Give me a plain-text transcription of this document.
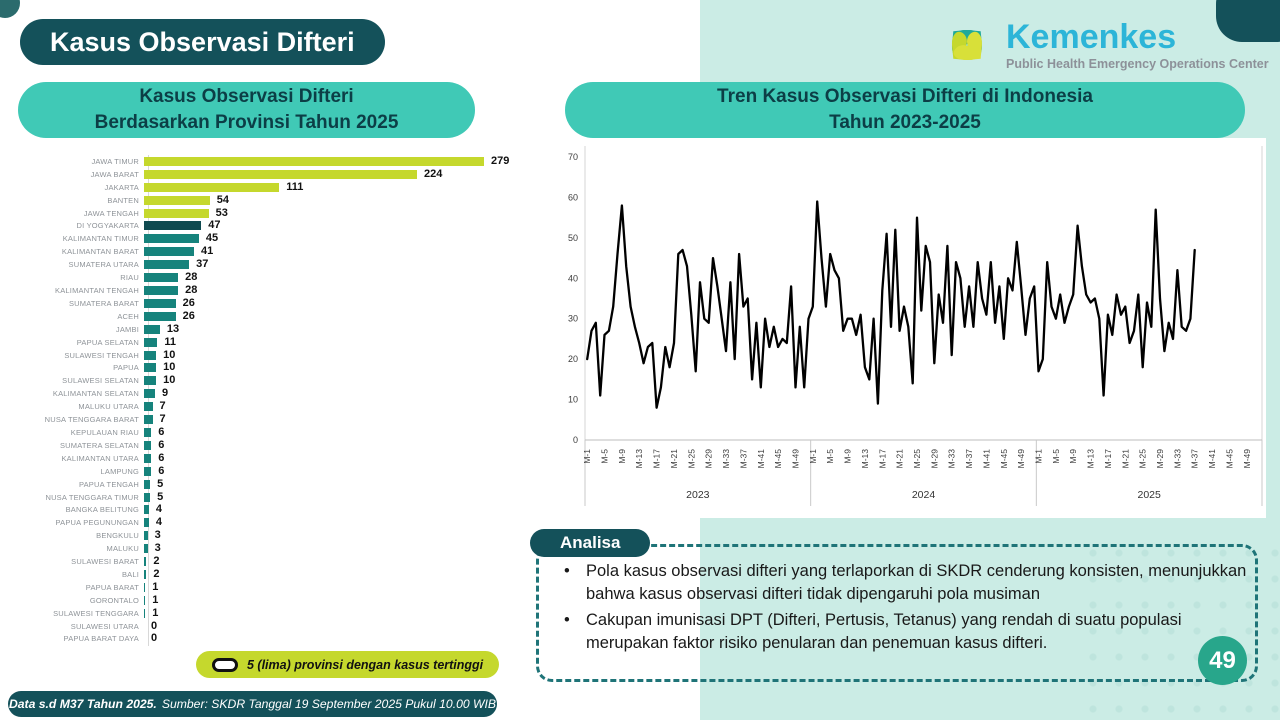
Kasus Observasi Difteri	Kemenkes
Public Health Emergency Operations Center
Kasus Observasi Difteri
Berdasarkan Provinsi Tahun 2025
Tren Kasus Observasi Difteri di Indonesia
Tahun 2023-2025
JAWA TIMUR	279
JAWA BARAT	224
JAKARTA	111
BANTEN	54
JAWA TENGAH	53
DI YOGYAKARTA	47
KALIMANTAN TIMUR	45
KALIMANTAN BARAT	41
SUMATERA UTARA	37
RIAU	28
KALIMANTAN TENGAH	28
SUMATERA BARAT	26
ACEH	26
JAMBI	13
PAPUA SELATAN	11
SULAWESI TENGAH	10
PAPUA	10
SULAWESI SELATAN	10
KALIMANTAN SELATAN	9
MALUKU UTARA	7
NUSA TENGGARA BARAT	7
KEPULAUAN RIAU	6
SUMATERA SELATAN	6
KALIMANTAN UTARA	6
LAMPUNG	6
PAPUA TENGAH	5
NUSA TENGGARA TIMUR	5
BANGKA BELITUNG	4
PAPUA PEGUNUNGAN	4
BENGKULU	3
MALUKU	3
SULAWESI BARAT	2
BALI	2
PAPUA BARAT	1
GORONTALO	1
SULAWESI TENGGARA	1
SULAWESI UTARA	0
PAPUA BARAT DAYA	0
5 (lima) provinsi dengan kasus tertinggi
Data s.d M37 Tahun 2025. Sumber: SKDR Tanggal 19 September 2025 Pukul 10.00 WIB
0
10
20
30
40
50
60
70
M-1 M-5 M-9 M-13 M-17 M-21 M-25 M-29 M-33 M-37 M-41 M-45 M-49
2023
M-1 M-5 M-9 M-13 M-17 M-21 M-25 M-29 M-33 M-37 M-41 M-45 M-49
2024
M-1 M-5 M-9 M-13 M-17 M-21 M-25 M-29 M-33 M-37 M-41 M-45 M-49
2025
Analisa
• Pola kasus observasi difteri yang terlaporkan di SKDR cenderung konsisten, menunjukkan bahwa kasus observasi difteri tidak dipengaruhi pola musiman
• Cakupan imunisasi DPT (Difteri, Pertusis, Tetanus) yang rendah di suatu populasi merupakan faktor risiko penularan dan penemuan kasus difteri.
49
